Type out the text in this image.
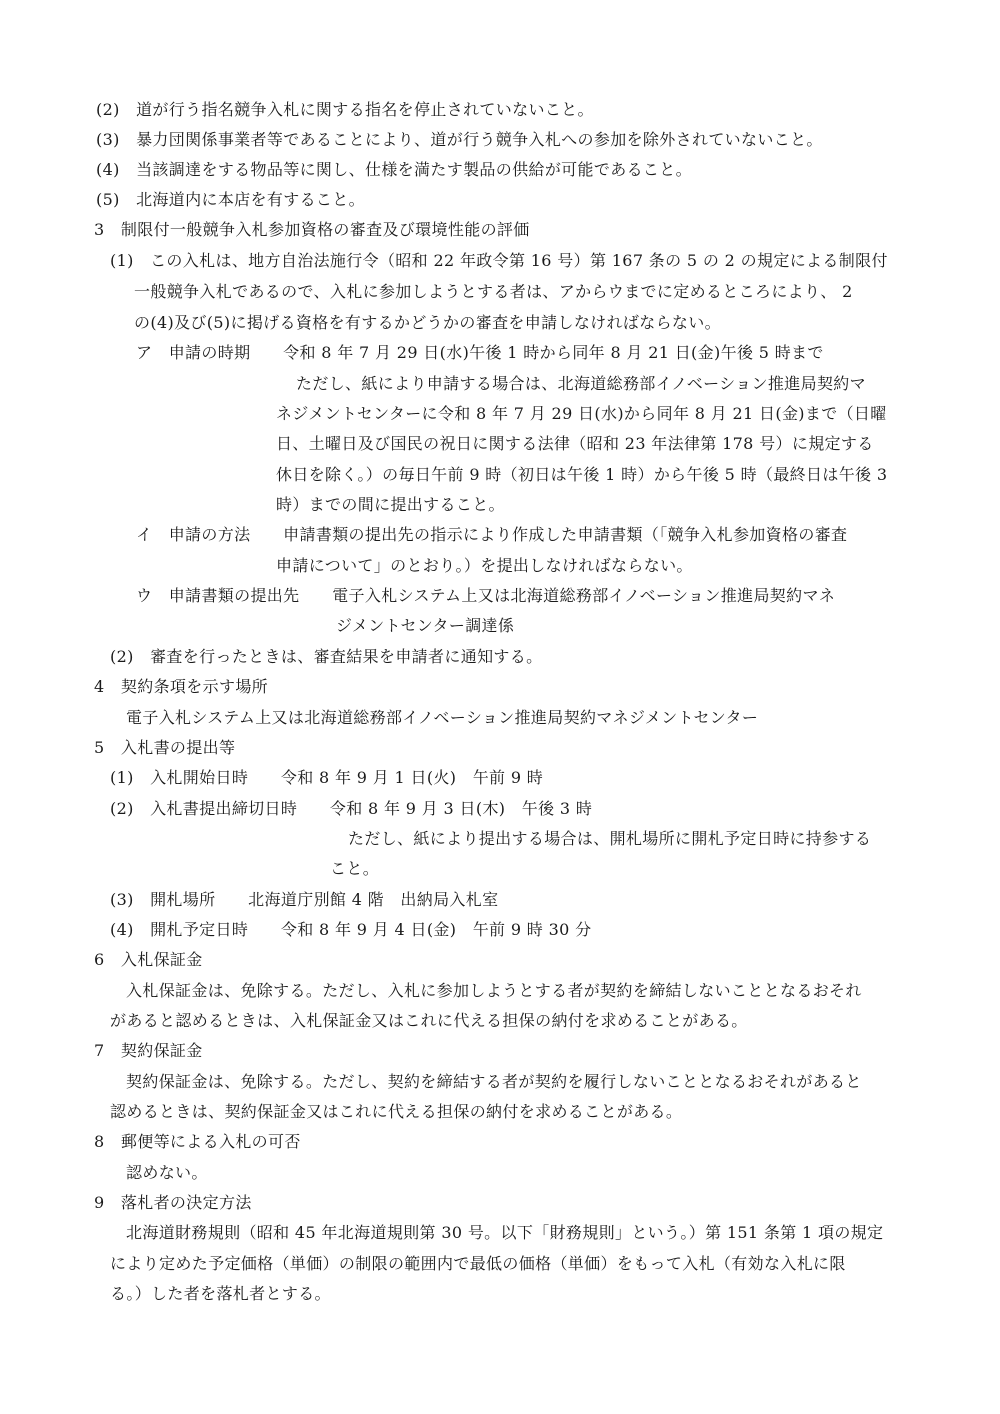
(2)　道が行う指名競争入札に関する指名を停止されていないこと。
(3)　暴力団関係事業者等であることにより、道が行う競争入札への参加を除外されていないこと。
(4)　当該調達をする物品等に関し、仕様を満たす製品の供給が可能であること。
(5)　北海道内に本店を有すること。
3　制限付一般競争入札参加資格の審査及び環境性能の評価
(1)　この入札は、地方自治法施行令（昭和 22 年政令第 16 号）第 167 条の 5 の 2 の規定による制限付
一般競争入札であるので、入札に参加しようとする者は、アからウまでに定めるところにより、 2
の(4)及び(5)に掲げる資格を有するかどうかの審査を申請しなければならない。
ア　申請の時期　　令和 8 年 7 月 29 日(水)午後 1 時から同年 8 月 21 日(金)午後 5 時まで
ただし、紙により申請する場合は、北海道総務部イノベーション推進局契約マ
ネジメントセンターに令和 8 年 7 月 29 日(水)から同年 8 月 21 日(金)まで（日曜
日、土曜日及び国民の祝日に関する法律（昭和 23 年法律第 178 号）に規定する
休日を除く。）の毎日午前 9 時（初日は午後 1 時）から午後 5 時（最終日は午後 3
時）までの間に提出すること。
イ　申請の方法　　申請書類の提出先の指示により作成した申請書類（「競争入札参加資格の審査
申請について」のとおり。）を提出しなければならない。
ウ　申請書類の提出先　　電子入札システム上又は北海道総務部イノベーション推進局契約マネ
ジメントセンター調達係
(2)　審査を行ったときは、審査結果を申請者に通知する。
4　契約条項を示す場所
電子入札システム上又は北海道総務部イノベーション推進局契約マネジメントセンター
5　入札書の提出等
(1)　入札開始日時　　令和 8 年 9 月 1 日(火)　午前 9 時
(2)　入札書提出締切日時　　令和 8 年 9 月 3 日(木)　午後 3 時
ただし、紙により提出する場合は、開札場所に開札予定日時に持参する
こと。
(3)　開札場所　　北海道庁別館 4 階　出納局入札室
(4)　開札予定日時　　令和 8 年 9 月 4 日(金)　午前 9 時 30 分
6　入札保証金
入札保証金は、免除する。ただし、入札に参加しようとする者が契約を締結しないこととなるおそれ
があると認めるときは、入札保証金又はこれに代える担保の納付を求めることがある。
7　契約保証金
契約保証金は、免除する。ただし、契約を締結する者が契約を履行しないこととなるおそれがあると
認めるときは、契約保証金又はこれに代える担保の納付を求めることがある。
8　郵便等による入札の可否
認めない。
9　落札者の決定方法
北海道財務規則（昭和 45 年北海道規則第 30 号。以下「財務規則」という。）第 151 条第 1 項の規定
により定めた予定価格（単価）の制限の範囲内で最低の価格（単価）をもって入札（有効な入札に限
る。）した者を落札者とする。
